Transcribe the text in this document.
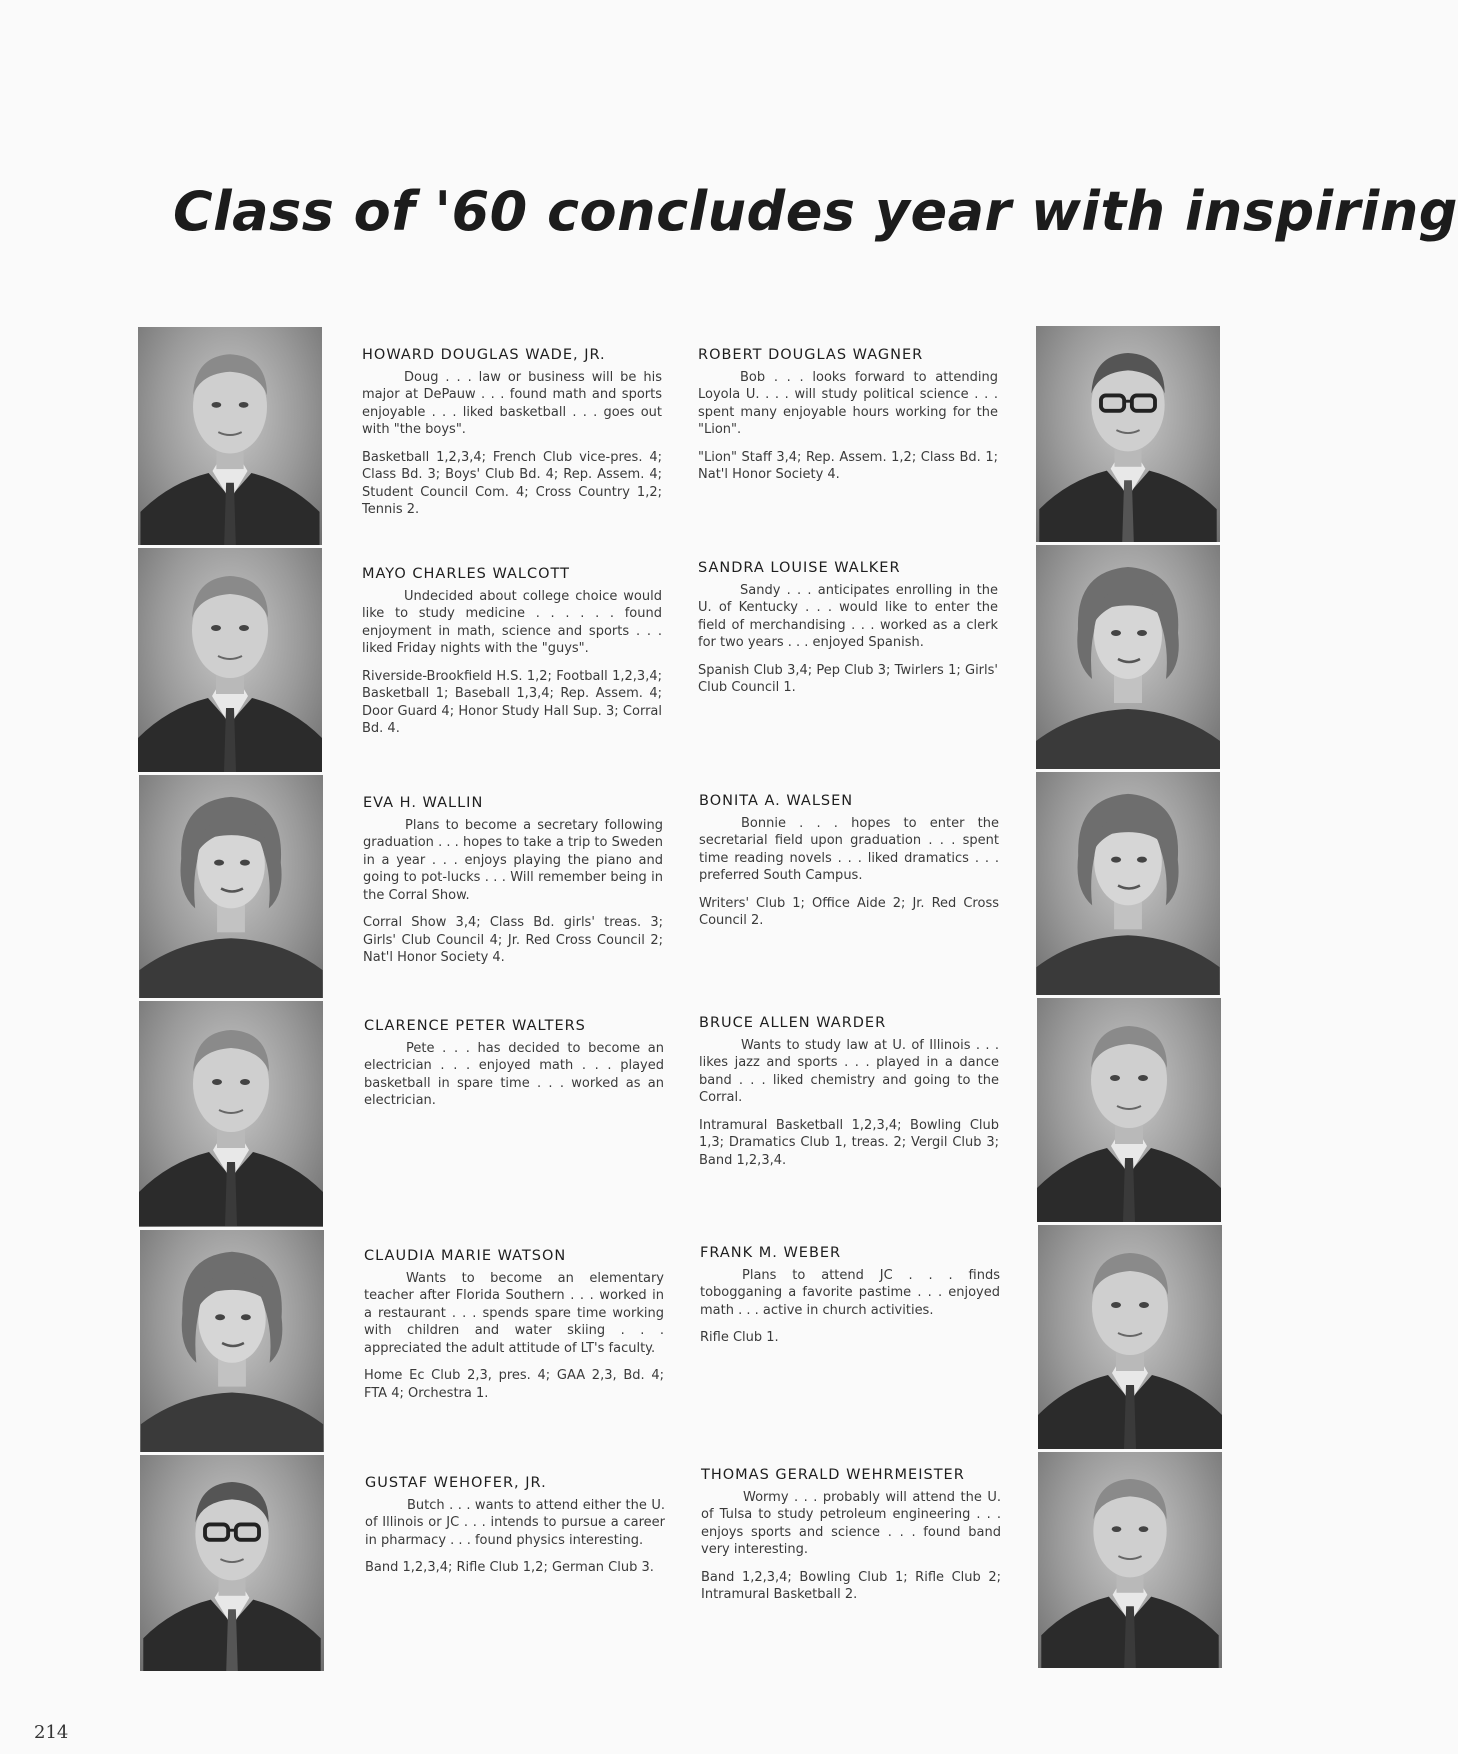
Class of '60 concludes year with inspiring

HOWARD DOUGLAS WADE, JR.

Doug . . . law or business will be his major at DePauw . . . found math and sports enjoyable . . . liked basketball . . . goes out with "the boys".

Basketball 1,2,3,4; French Club vice-pres. 4; Class Bd. 3; Boys' Club Bd. 4; Rep. Assem. 4; Student Council Com. 4; Cross Country 1,2; Tennis 2.

MAYO CHARLES WALCOTT

Undecided about college choice would like to study medicine . . . . . . found enjoyment in math, science and sports . . . liked Friday nights with the "guys".

Riverside-Brookfield H.S. 1,2; Football 1,2,3,4; Basketball 1; Baseball 1,3,4; Rep. Assem. 4; Door Guard 4; Honor Study Hall Sup. 3; Corral Bd. 4.

EVA H. WALLIN

Plans to become a secretary following graduation . . . hopes to take a trip to Sweden in a year . . . enjoys playing the piano and going to pot-lucks . . . Will remember being in the Corral Show.

Corral Show 3,4; Class Bd. girls' treas. 3; Girls' Club Council 4; Jr. Red Cross Council 2; Nat'l Honor Society 4.

CLARENCE PETER WALTERS

Pete . . . has decided to become an electrician . . . enjoyed math . . . played basketball in spare time . . . worked as an electrician.

CLAUDIA MARIE WATSON

Wants to become an elementary teacher after Florida Southern . . . worked in a restaurant . . . spends spare time working with children and water skiing . . . appreciated the adult attitude of LT's faculty.

Home Ec Club 2,3, pres. 4; GAA 2,3, Bd. 4; FTA 4; Orchestra 1.

GUSTAF WEHOFER, JR.

Butch . . . wants to attend either the U. of Illinois or JC . . . intends to pursue a career in pharmacy . . . found physics interesting.

Band 1,2,3,4; Rifle Club 1,2; German Club 3.

ROBERT DOUGLAS WAGNER

Bob . . . looks forward to attending Loyola U. . . . will study political science . . . spent many enjoyable hours working for the "Lion".

"Lion" Staff 3,4; Rep. Assem. 1,2; Class Bd. 1; Nat'l Honor Society 4.

SANDRA LOUISE WALKER

Sandy . . . anticipates enrolling in the U. of Kentucky . . . would like to enter the field of merchandising . . . worked as a clerk for two years . . . enjoyed Spanish.

Spanish Club 3,4; Pep Club 3; Twirlers 1; Girls' Club Council 1.

BONITA A. WALSEN

Bonnie . . . hopes to enter the secretarial field upon graduation . . . spent time reading novels . . . liked dramatics . . . preferred South Campus.

Writers' Club 1; Office Aide 2; Jr. Red Cross Council 2.

BRUCE ALLEN WARDER

Wants to study law at U. of Illinois . . . likes jazz and sports . . . played in a dance band . . . liked chemistry and going to the Corral.

Intramural Basketball 1,2,3,4; Bowling Club 1,3; Dramatics Club 1, treas. 2; Vergil Club 3; Band 1,2,3,4.

FRANK M. WEBER

Plans to attend JC . . . finds tobogganing a favorite pastime . . . enjoyed math . . . active in church activities.

Rifle Club 1.

THOMAS GERALD WEHRMEISTER

Wormy . . . probably will attend the U. of Tulsa to study petroleum engineering . . . enjoys sports and science . . . found band very interesting.

Band 1,2,3,4; Bowling Club 1; Rifle Club 2; Intramural Basketball 2.

214
